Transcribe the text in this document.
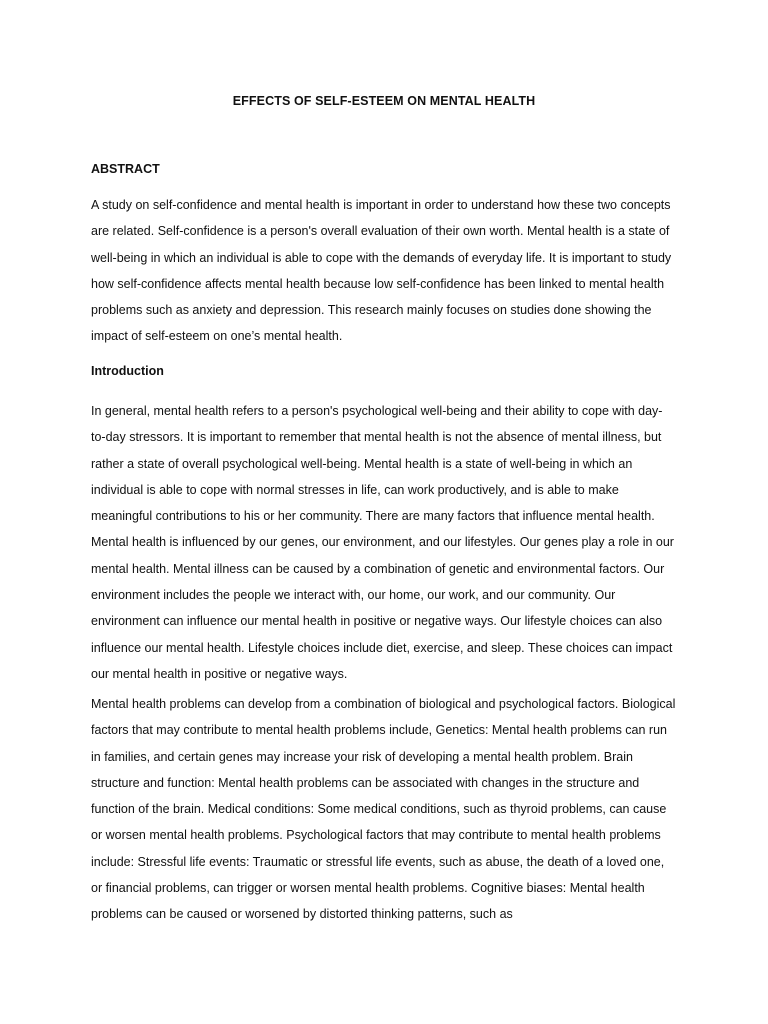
EFFECTS OF SELF-ESTEEM ON MENTAL HEALTH
ABSTRACT

A study on self-confidence and mental health is important in order to understand how these two concepts are related. Self-confidence is a person's overall evaluation of their own worth. Mental health is a state of well-being in which an individual is able to cope with the demands of everyday life. It is important to study how self-confidence affects mental health because low self-confidence has been linked to mental health problems such as anxiety and depression. This research mainly focuses on studies done showing the impact of self-esteem on one’s mental health.

Introduction

In general, mental health refers to a person's psychological well-being and their ability to cope with day-to-day stressors. It is important to remember that mental health is not the absence of mental illness, but rather a state of overall psychological well-being. Mental health is a state of well-being in which an individual is able to cope with normal stresses in life, can work productively, and is able to make meaningful contributions to his or her community. There are many factors that influence mental health. Mental health is influenced by our genes, our environment, and our lifestyles. Our genes play a role in our mental health. Mental illness can be caused by a combination of genetic and environmental factors. Our environment includes the people we interact with, our home, our work, and our community. Our environment can influence our mental health in positive or negative ways. Our lifestyle choices can also influence our mental health. Lifestyle choices include diet, exercise, and sleep. These choices can impact our mental health in positive or negative ways.

Mental health problems can develop from a combination of biological and psychological factors. Biological factors that may contribute to mental health problems include, Genetics: Mental health problems can run in families, and certain genes may increase your risk of developing a mental health problem. Brain structure and function: Mental health problems can be associated with changes in the structure and function of the brain. Medical conditions: Some medical conditions, such as thyroid problems, can cause or worsen mental health problems. Psychological factors that may contribute to mental health problems include: Stressful life events: Traumatic or stressful life events, such as abuse, the death of a loved one, or financial problems, can trigger or worsen mental health problems. Cognitive biases: Mental health problems can be caused or worsened by distorted thinking patterns, such as
